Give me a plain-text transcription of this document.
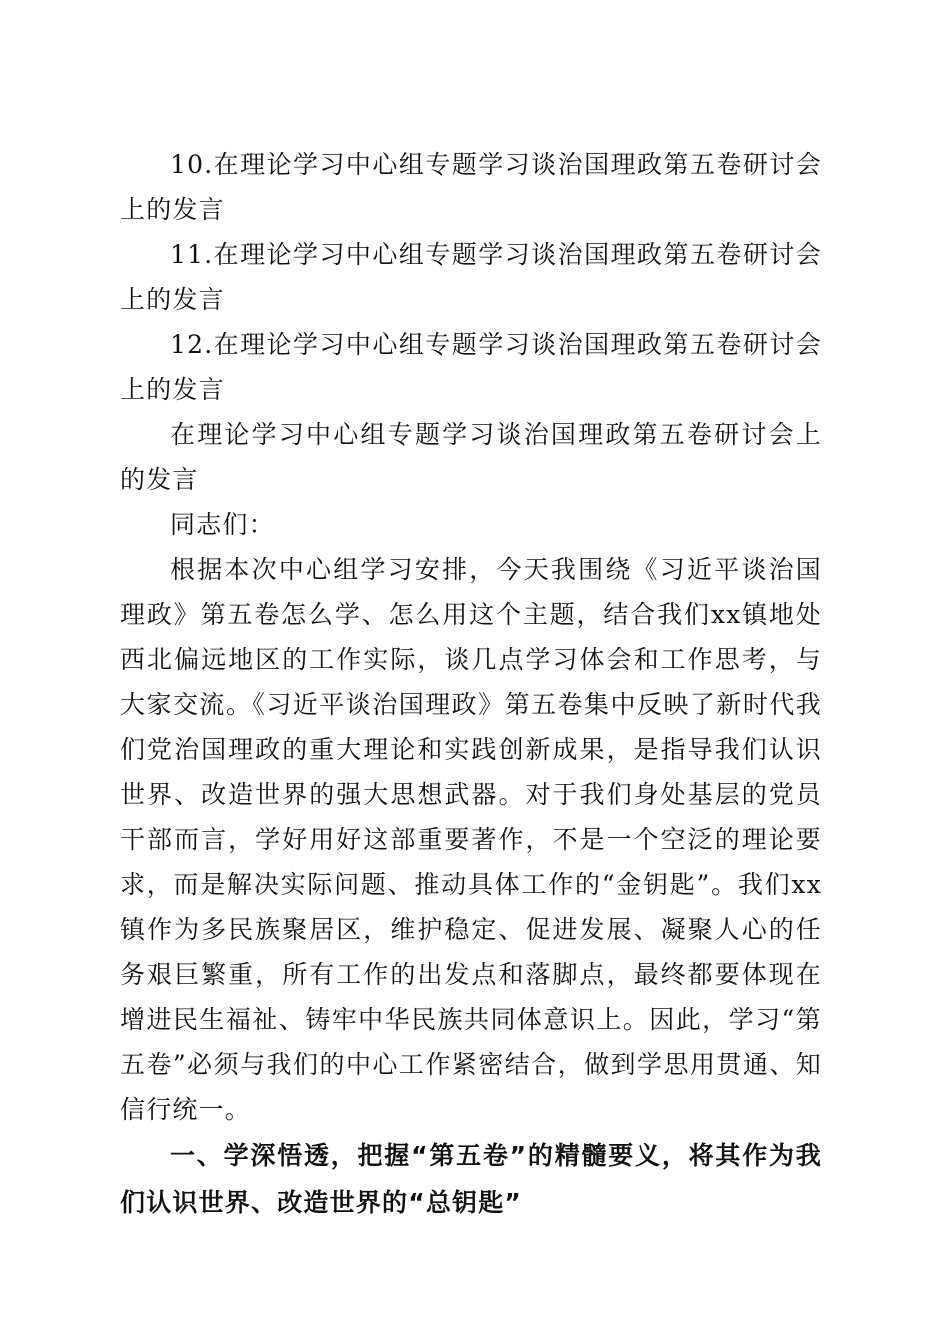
10.在理论学习中心组专题学习谈治国理政第五卷研讨会上的发言

11.在理论学习中心组专题学习谈治国理政第五卷研讨会上的发言

12.在理论学习中心组专题学习谈治国理政第五卷研讨会上的发言

在理论学习中心组专题学习谈治国理政第五卷研讨会上的发言

同志们：

根据本次中心组学习安排，今天我围绕《习近平谈治国理政》第五卷怎么学、怎么用这个主题，结合我们xx镇地处西北偏远地区的工作实际，谈几点学习体会和工作思考，与大家交流。《习近平谈治国理政》第五卷集中反映了新时代我们党治国理政的重大理论和实践创新成果，是指导我们认识世界、改造世界的强大思想武器。对于我们身处基层的党员干部而言，学好用好这部重要著作，不是一个空泛的理论要求，而是解决实际问题、推动具体工作的“金钥匙”。我们xx镇作为多民族聚居区，维护稳定、促进发展、凝聚人心的任务艰巨繁重，所有工作的出发点和落脚点，最终都要体现在增进民生福祉、铸牢中华民族共同体意识上。因此，学习“第五卷”必须与我们的中心工作紧密结合，做到学思用贯通、知信行统一。

一、学深悟透，把握“第五卷”的精髓要义，将其作为我们认识世界、改造世界的“总钥匙”
